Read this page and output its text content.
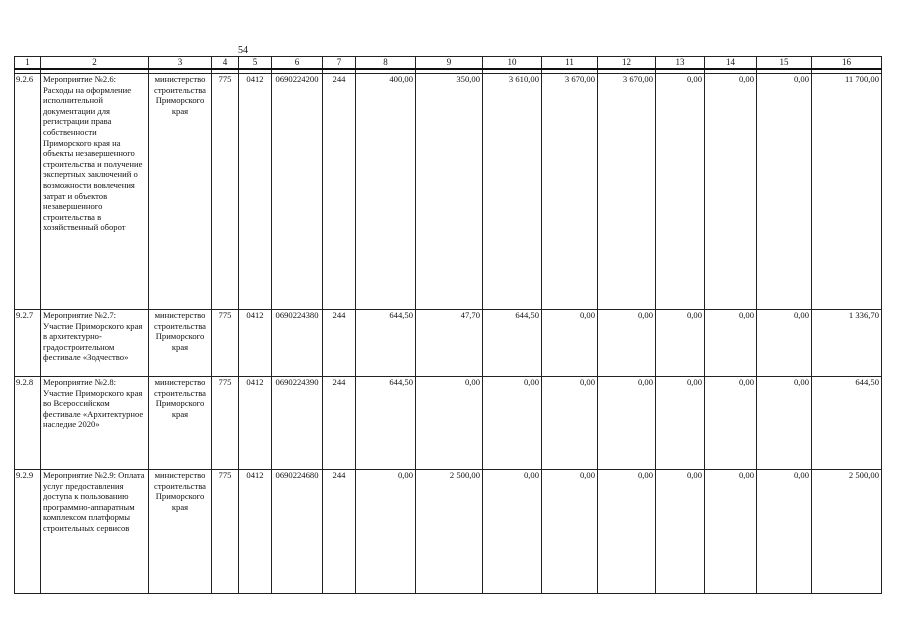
54
1	2	3	4	5	6	7	8	9	10	11	12	13	14	15	16

9.2.6	Мероприятие №2.6: Расходы на оформление исполнительной документации для регистрации права собственности Приморского края на объекты незавершенного строительства и получение экспертных заключений о возможности вовлечения затрат и объектов незавершенного строительства в хозяйственный оборот	министерство строительства Приморского края	775	0412	0690224200	244	400,00	350,00	3 610,00	3 670,00	3 670,00	0,00	0,00	0,00	11 700,00
9.2.7	Мероприятие №2.7: Участие Приморского края в архитектурно-градостроительном фестивале «Зодчество»	министерство строительства Приморского края	775	0412	0690224380	244	644,50	47,70	644,50	0,00	0,00	0,00	0,00	0,00	1 336,70
9.2.8	Мероприятие №2.8: Участие Приморского края во Всероссийском фестивале «Архитектурное наследие 2020»	министерство строительства Приморского края	775	0412	0690224390	244	644,50	0,00	0,00	0,00	0,00	0,00	0,00	0,00	644,50
9.2.9	Мероприятие №2.9: Оплата услуг предоставления доступа к пользованию программно-аппаратным комплексом платформы строительных сервисов	министерство строительства Приморского края	775	0412	0690224680	244	0,00	2 500,00	0,00	0,00	0,00	0,00	0,00	0,00	2 500,00
